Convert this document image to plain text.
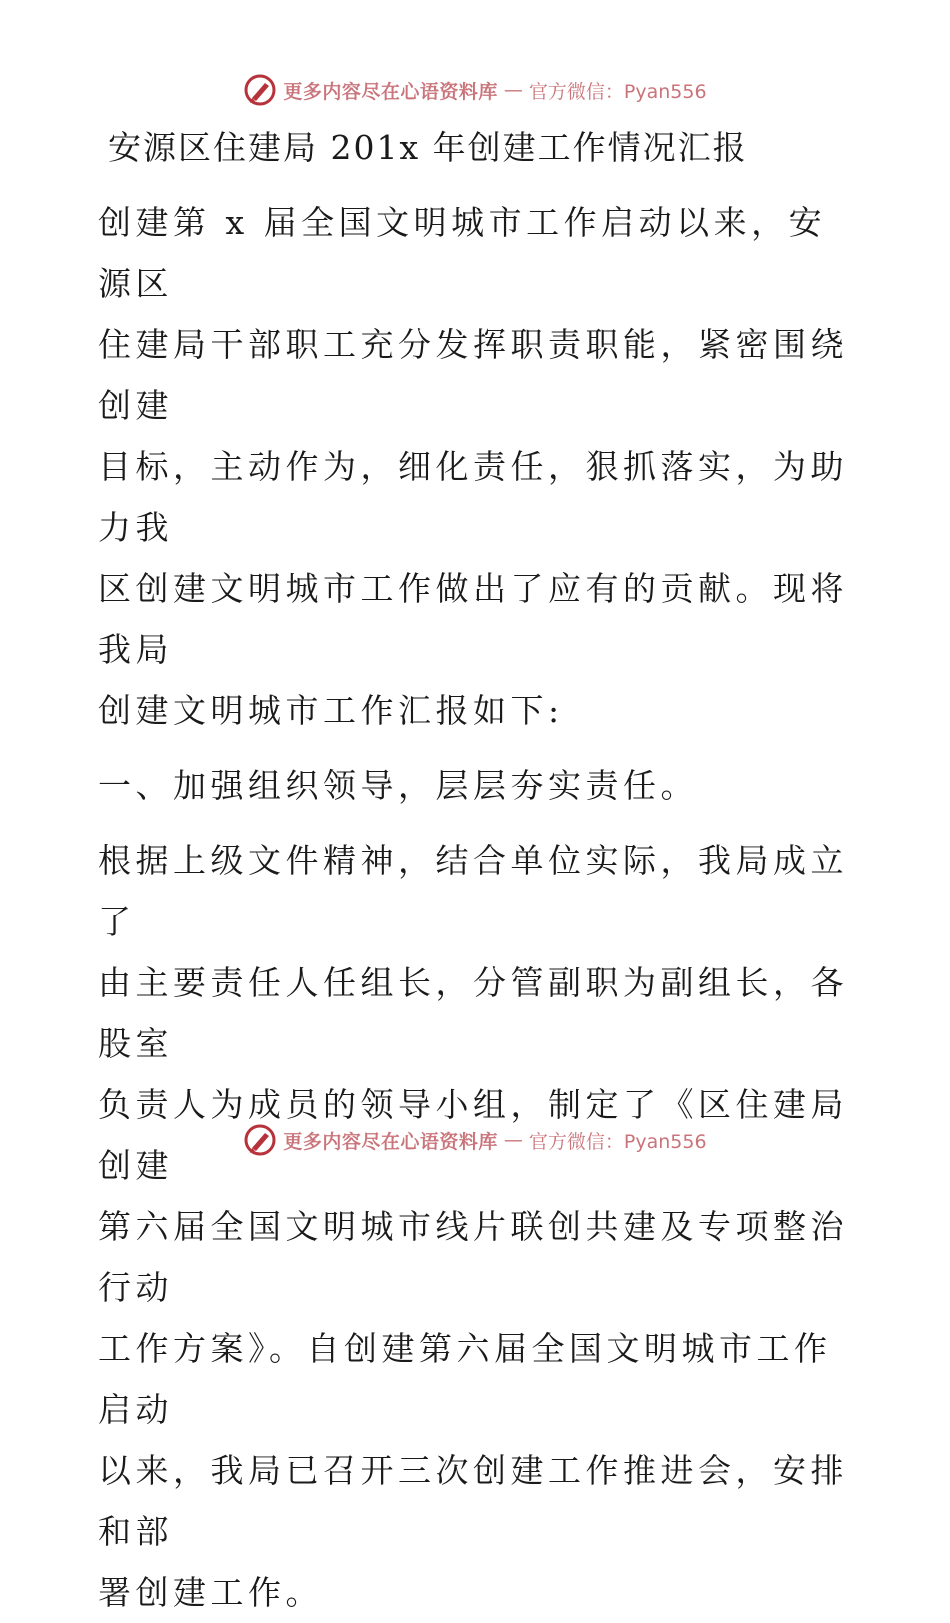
更多内容尽在心语资料库 — 官方微信：Pyan556
安源区住建局 201x 年创建工作情况汇报

创建第 x 届全国文明城市工作启动以来，安源区
住建局干部职工充分发挥职责职能，紧密围绕创建
目标，主动作为，细化责任，狠抓落实，为助力我
区创建文明城市工作做出了应有的贡献。现将我局
创建文明城市工作汇报如下:

一、加强组织领导，层层夯实责任。

根据上级文件精神，结合单位实际，我局成立了
由主要责任人任组长，分管副职为副组长，各股室
负责人为成员的领导小组，制定了《区住建局创建
第六届全国文明城市线片联创共建及专项整治行动
工作方案》。自创建第六届全国文明城市工作启动
以来，我局已召开三次创建工作推进会，安排和部
署创建工作。

更多内容尽在心语资料库 — 官方微信：Pyan556
